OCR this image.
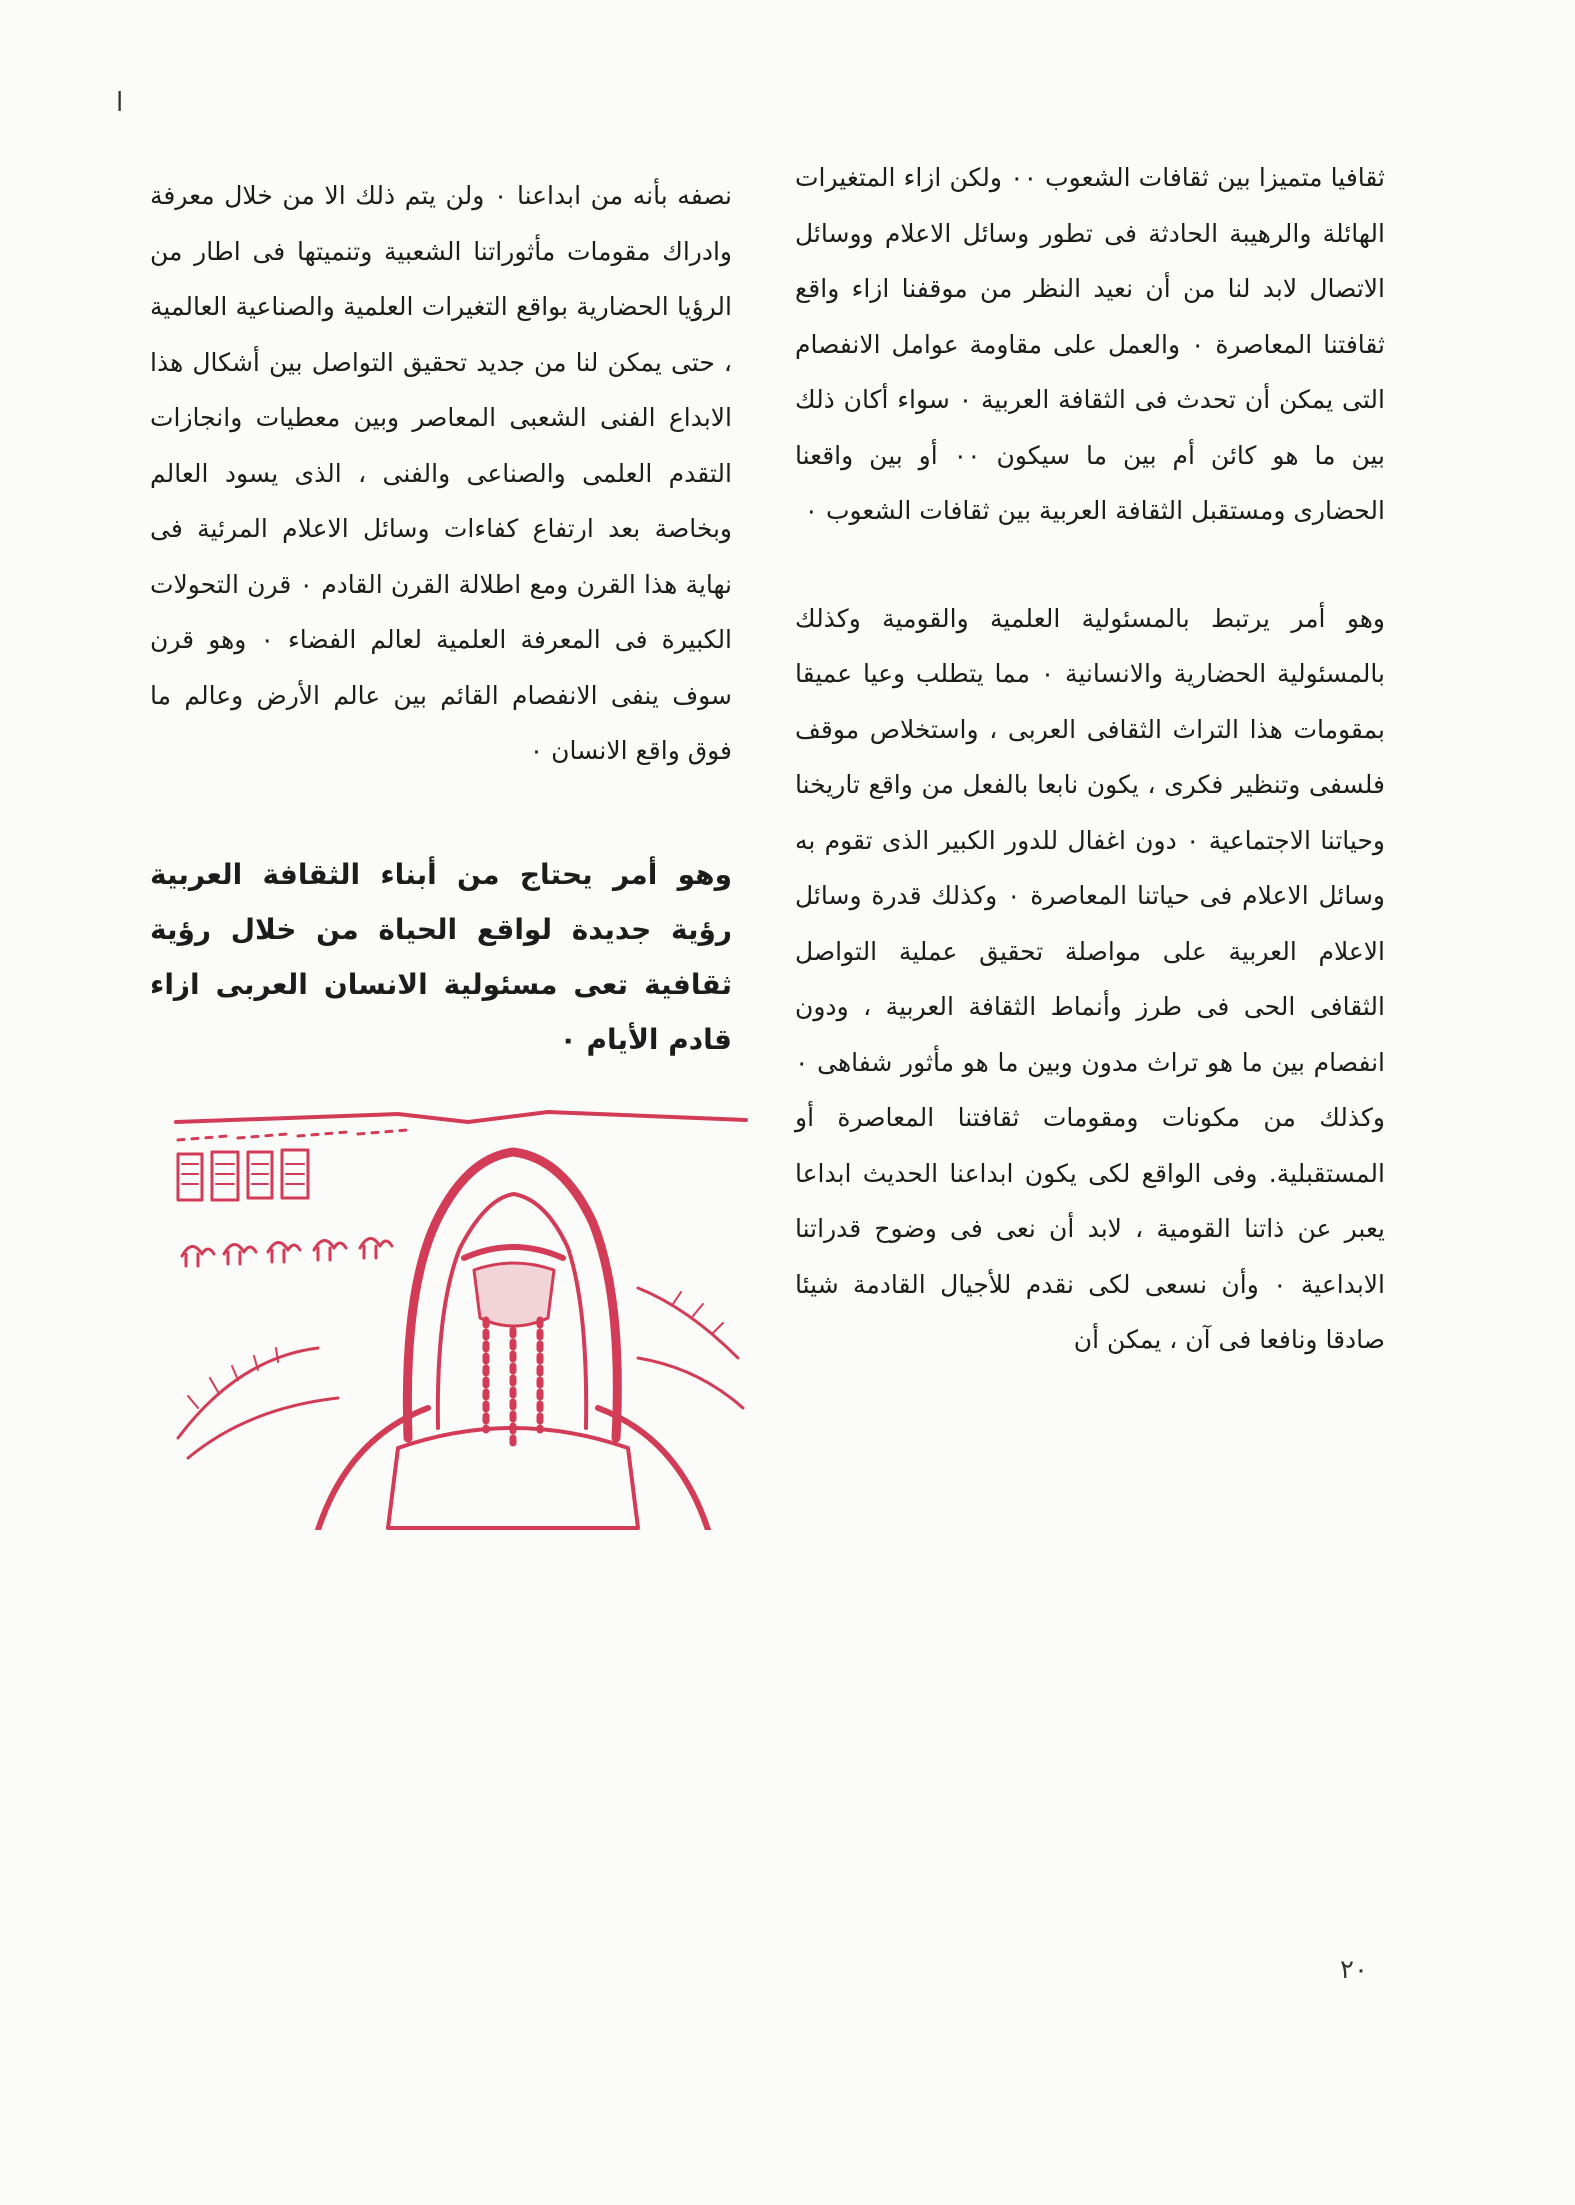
ا

ثقافيا متميزا بين ثقافات الشعوب ٠٠ ولكن ازاء المتغيرات الهائلة والرهيبة الحادثة فى تطور وسائل الاعلام ووسائل الاتصال لابد لنا من أن نعيد النظر من موقفنا ازاء واقع ثقافتنا المعاصرة ٠ والعمل على مقاومة عوامل الانفصام التى يمكن أن تحدث فى الثقافة العربية ٠ سواء أكان ذلك بين ما هو كائن أم بين ما سيكون ٠٠ أو بين واقعنا الحضارى ومستقبل الثقافة العربية بين ثقافات الشعوب ٠

وهو أمر يرتبط بالمسئولية العلمية والقومية وكذلك بالمسئولية الحضارية والانسانية ٠ مما يتطلب وعيا عميقا بمقومات هذا التراث الثقافى العربى ، واستخلاص موقف فلسفى وتنظير فكرى ، يكون نابعا بالفعل من واقع تاريخنا وحياتنا الاجتماعية ٠ دون اغفال للدور الكبير الذى تقوم به وسائل الاعلام فى حياتنا المعاصرة ٠ وكذلك قدرة وسائل الاعلام العربية على مواصلة تحقيق عملية التواصل الثقافى الحى فى طرز وأنماط الثقافة العربية ، ودون انفصام بين ما هو تراث مدون وبين ما هو مأثور شفاهى ٠ وكذلك من مكونات ومقومات ثقافتنا المعاصرة أو المستقبلية. وفى الواقع لكى يكون ابداعنا الحديث ابداعا يعبر عن ذاتنا القومية ، لابد أن نعى فى وضوح قدراتنا الابداعية ٠ وأن نسعى لكى نقدم للأجيال القادمة شيئا صادقا ونافعا فى آن ، يمكن أن

نصفه بأنه من ابداعنا ٠ ولن يتم ذلك الا من خلال معرفة وادراك مقومات مأثوراتنا الشعبية وتنميتها فى اطار من الرؤيا الحضارية بواقع التغيرات العلمية والصناعية العالمية ، حتى يمكن لنا من جديد تحقيق التواصل بين أشكال هذا الابداع الفنى الشعبى المعاصر وبين معطيات وانجازات التقدم العلمى والصناعى والفنى ، الذى يسود العالم وبخاصة بعد ارتفاع كفاءات وسائل الاعلام المرئية فى نهاية هذا القرن ومع اطلالة القرن القادم ٠ قرن التحولات الكبيرة فى المعرفة العلمية لعالم الفضاء ٠ وهو قرن سوف ينفى الانفصام القائم بين عالم الأرض وعالم ما فوق واقع الانسان ٠

وهو أمر يحتاج من أبناء الثقافة العربية رؤية جديدة لواقع الحياة من خلال رؤية ثقافية تعى مسئولية الانسان العربى ازاء قادم الأيام ٠

٢٠
